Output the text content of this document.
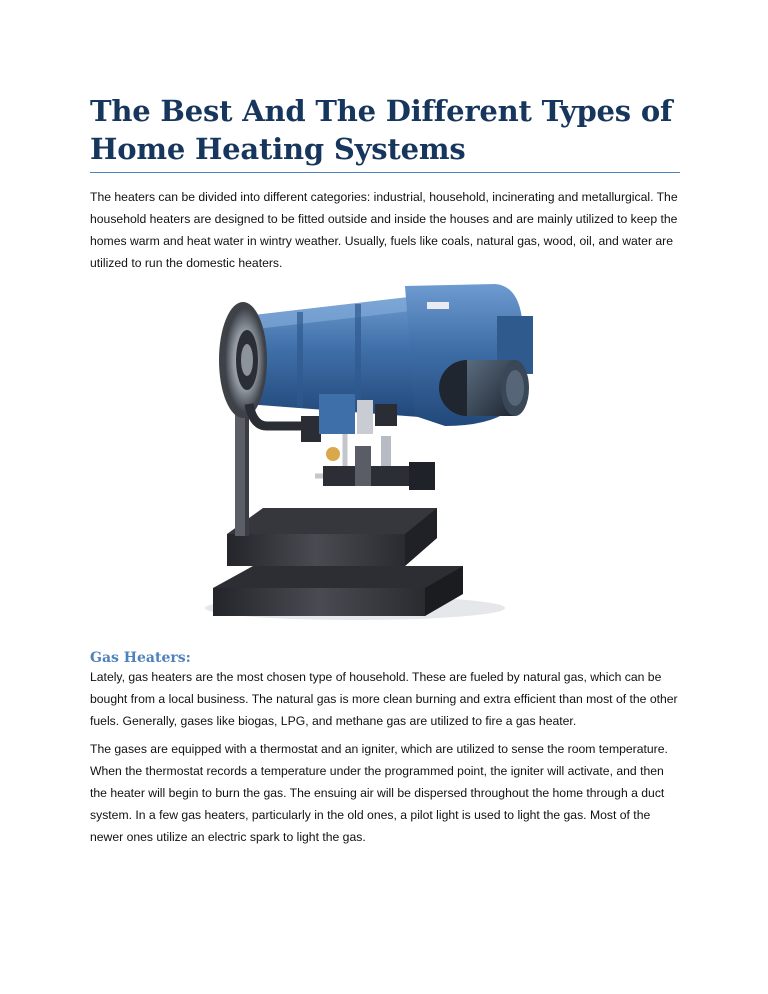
The Best And The Different Types of Home Heating Systems

The heaters can be divided into different categories: industrial, household, incinerating and metallurgical. The household heaters are designed to be fitted outside and inside the houses and are mainly utilized to keep the homes warm and heat water in wintry weather. Usually, fuels like coals, natural gas, wood, oil, and water are utilized to run the domestic heaters.

Gas Heaters:

Lately, gas heaters are the most chosen type of household. These are fueled by natural gas, which can be bought from a local business. The natural gas is more clean burning and extra efficient than most of the other fuels. Generally, gases like biogas, LPG, and methane gas are utilized to fire a gas heater.

The gases are equipped with a thermostat and an igniter, which are utilized to sense the room temperature. When the thermostat records a temperature under the programmed point, the igniter will activate, and then the heater will begin to burn the gas. The ensuing air will be dispersed throughout the home through a duct system. In a few gas heaters, particularly in the old ones, a pilot light is used to light the gas. Most of the newer ones utilize an electric spark to light the gas.
